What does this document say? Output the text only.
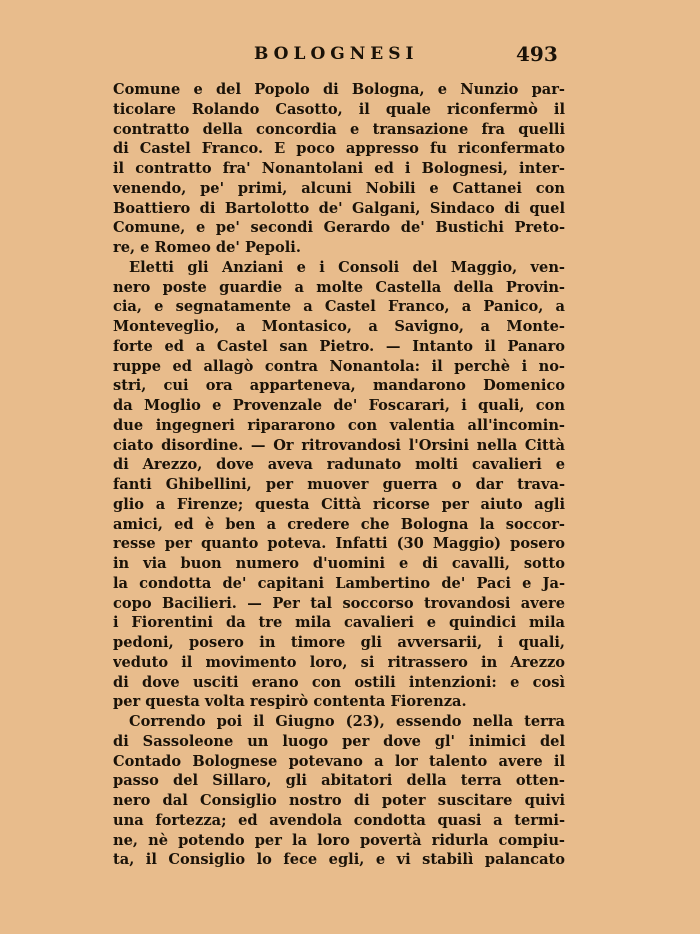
BOLOGNESI	493
Comune e del Popolo di Bologna, e Nunzio par-
ticolare Rolando Casotto, il quale riconfermò il
contratto della concordia e transazione fra quelli
di Castel Franco. E poco appresso fu riconfermato
il contratto fra' Nonantolani ed i Bolognesi, inter-
venendo, pe' primi, alcuni Nobili e Cattanei con
Boattiero di Bartolotto de' Galgani, Sindaco di quel
Comune, e pe' secondi Gerardo de' Bustichi Preto-
re, e Romeo de' Pepoli.
Eletti gli Anziani e i Consoli del Maggio, ven-
nero poste guardie a molte Castella della Provin-
cia, e segnatamente a Castel Franco, a Panico, a
Monteveglio, a Montasico, a Savigno, a Monte-
forte ed a Castel san Pietro. — Intanto il Panaro
ruppe ed allagò contra Nonantola: il perchè i no-
stri, cui ora apparteneva, mandarono Domenico
da Moglio e Provenzale de' Foscarari, i quali, con
due ingegneri ripararono con valentia all'incomin-
ciato disordine. — Or ritrovandosi l'Orsini nella Città
di Arezzo, dove aveva radunato molti cavalieri e
fanti Ghibellini, per muover guerra o dar trava-
glio a Firenze; questa Città ricorse per aiuto agli
amici, ed è ben a credere che Bologna la soccor-
resse per quanto poteva. Infatti (30 Maggio) posero
in via buon numero d'uomini e di cavalli, sotto
la condotta de' capitani Lambertino de' Paci e Ja-
copo Bacilieri. — Per tal soccorso trovandosi avere
i Fiorentini da tre mila cavalieri e quindici mila
pedoni, posero in timore gli avversarii, i quali,
veduto il movimento loro, si ritrassero in Arezzo
di dove usciti erano con ostili intenzioni: e così
per questa volta respirò contenta Fiorenza.
Correndo poi il Giugno (23), essendo nella terra
di Sassoleone un luogo per dove gl' inimici del
Contado Bolognese potevano a lor talento avere il
passo del Sillaro, gli abitatori della terra otten-
nero dal Consiglio nostro di poter suscitare quivi
una fortezza; ed avendola condotta quasi a termi-
ne, nè potendo per la loro povertà ridurla compiu-
ta, il Consiglio lo fece egli, e vi stabilì palancato
